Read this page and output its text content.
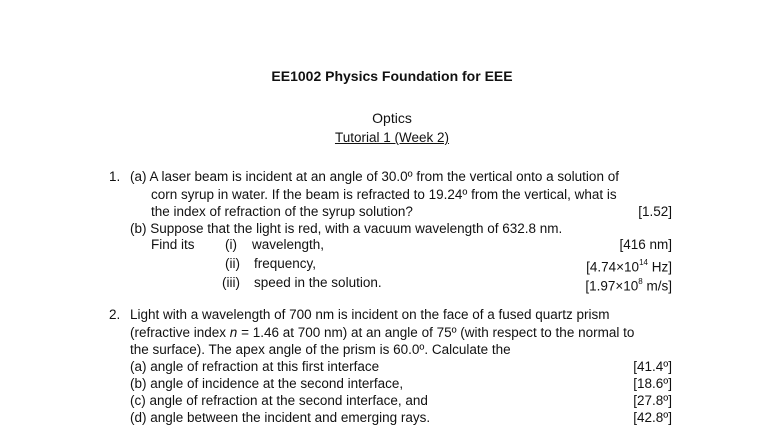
EE1002 Physics Foundation for EEE
Optics
Tutorial 1 (Week 2)
1. (a) A laser beam is incident at an angle of 30.0º from the vertical onto a solution of
corn syrup in water. If the beam is refracted to 19.24º from the vertical, what is
the index of refraction of the syrup solution?	[1.52]
(b) Suppose that the light is red, with a vacuum wavelength of 632.8 nm.
Find its (i) wavelength,	[416 nm]
(ii) frequency,	[$4.74\times 10^{14}$ Hz]
(iii) speed in the solution.	[$1.97\times 10^8$ m/s]
2. Light with a wavelength of 700 nm is incident on the face of a fused quartz prism
(refractive index n = 1.46 at 700 nm) at an angle of 75º (with respect to the normal to
the surface). The apex angle of the prism is 60.0º. Calculate the
(a) angle of refraction at this first interface	[41.4º]
(b) angle of incidence at the second interface,	[18.6º]
(c) angle of refraction at the second interface, and	[27.8º]
(d) angle between the incident and emerging rays.	[42.8º]
